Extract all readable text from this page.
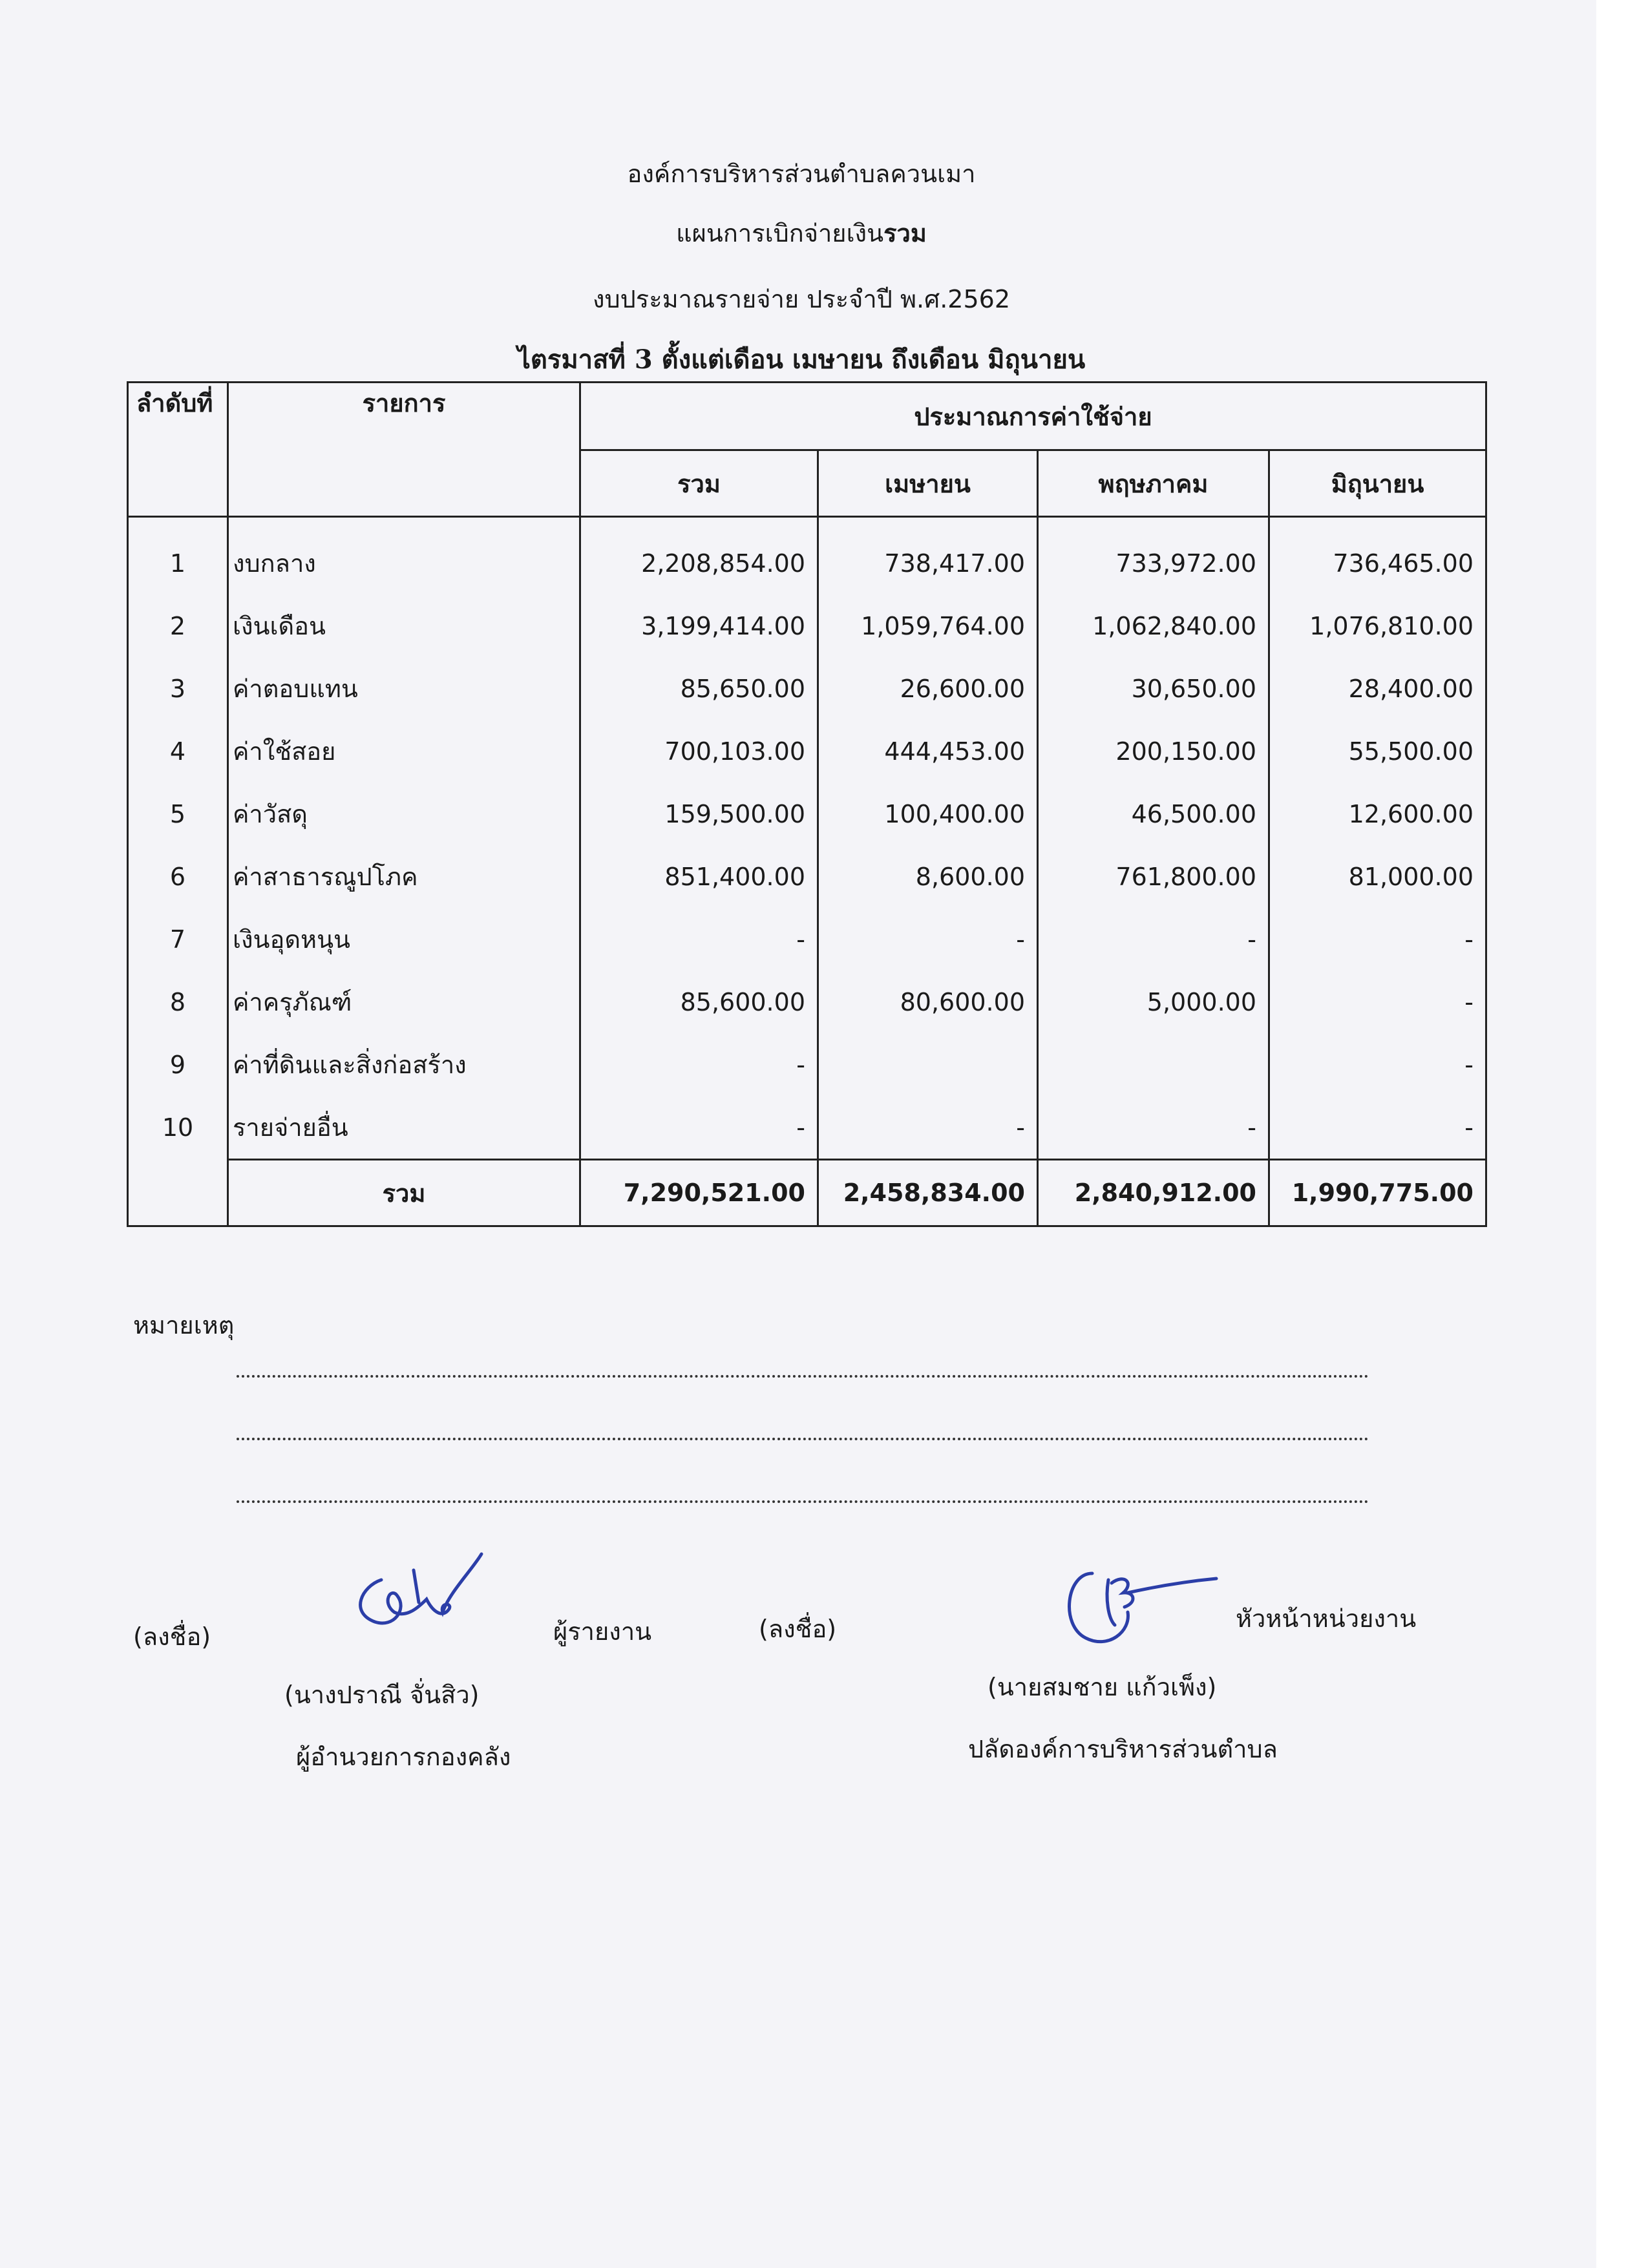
องค์การบริหารส่วนตำบลควนเมา
แผนการเบิกจ่ายเงินรวม
งบประมาณรายจ่าย ประจำปี พ.ศ.2562
ไตรมาสที่ 3 ตั้งแต่เดือน เมษายน ถึงเดือน มิถุนายน
ลำดับที่	รายการ	ประมาณการค่าใช้จ่าย			
		รวม	เมษายน	พฤษภาคม	มิถุนายน
1	งบกลาง	2,208,854.00	738,417.00	733,972.00	736,465.00
2	เงินเดือน	3,199,414.00	1,059,764.00	1,062,840.00	1,076,810.00
3	ค่าตอบแทน	85,650.00	26,600.00	30,650.00	28,400.00
4	ค่าใช้สอย	700,103.00	444,453.00	200,150.00	55,500.00
5	ค่าวัสดุ	159,500.00	100,400.00	46,500.00	12,600.00
6	ค่าสาธารณูปโภค	851,400.00	8,600.00	761,800.00	81,000.00
7	เงินอุดหนุน	-	-	-	-
8	ค่าครุภัณฑ์	85,600.00	80,600.00	5,000.00	-
9	ค่าที่ดินและสิ่งก่อสร้าง	-			-
10	รายจ่ายอื่น	-	-	-	-
	รวม	7,290,521.00	2,458,834.00	2,840,912.00	1,990,775.00
หมายเหตุ
(ลงชื่อ)	ผู้รายงาน
(นางปราณี จั่นสิว)
ผู้อำนวยการกองคลัง
(ลงชื่อ)	หัวหน้าหน่วยงาน
(นายสมชาย แก้วเพ็ง)
ปลัดองค์การบริหารส่วนตำบล
